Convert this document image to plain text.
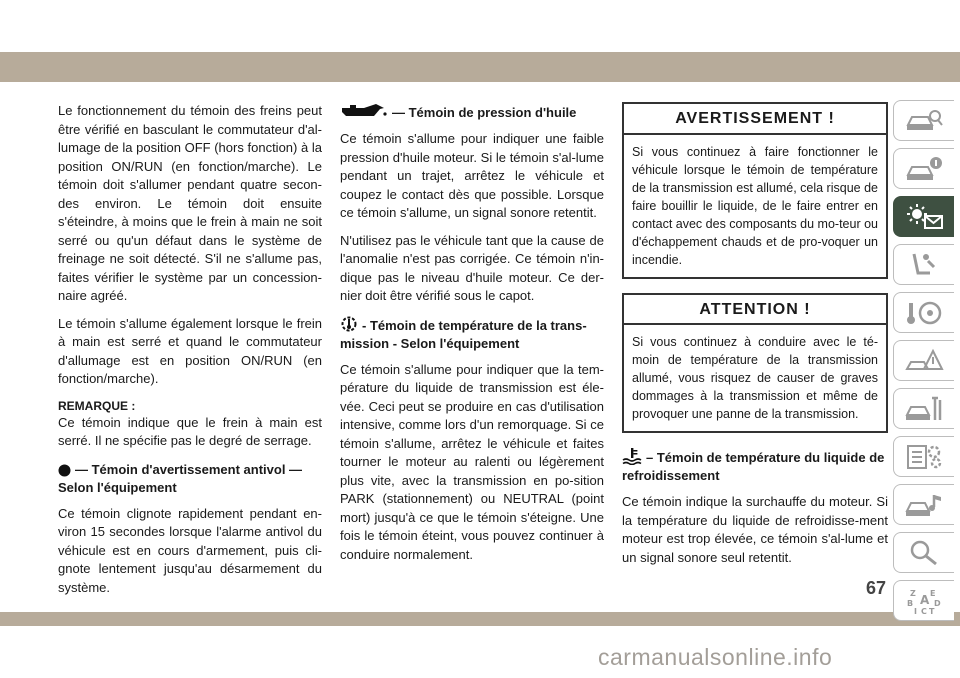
Le fonctionnement du témoin des freins peut être vérifié en basculant le commutateur d'al-lumage de la position OFF (hors fonction) à la position ON/RUN (en fonction/marche). Le témoin doit s'allumer pendant quatre secon-des environ. Le témoin doit ensuite s'éteindre, à moins que le frein à main ne soit serré ou qu'un défaut dans le système de freinage ne soit détecté. S'il ne s'allume pas, faites vérifier le système par un concession-naire agréé.

Le témoin s'allume également lorsque le frein à main est serré et quand le commutateur d'allumage est en position ON/RUN (en fonction/marche).

REMARQUE :

Ce témoin indique que le frein à main est serré. Il ne spécifie pas le degré de serrage.

— Témoin d'avertissement antivol — Selon l'équipement

Ce témoin clignote rapidement pendant en-viron 15 secondes lorsque l'alarme antivol du véhicule est en cours d'armement, puis cli-gnote lentement jusqu'au désarmement du système.

— Témoin de pression d'huile

Ce témoin s'allume pour indiquer une faible pression d'huile moteur. Si le témoin s'al-lume pendant un trajet, arrêtez le véhicule et coupez le contact dès que possible. Lorsque ce témoin s'allume, un signal sonore retentit.

N'utilisez pas le véhicule tant que la cause de l'anomalie n'est pas corrigée. Ce témoin n'in-dique pas le niveau d'huile moteur. Ce der-nier doit être vérifié sous le capot.

- Témoin de température de la trans-mission - Selon l'équipement

Ce témoin s'allume pour indiquer que la tem-pérature du liquide de transmission est éle-vée. Ceci peut se produire en cas d'utilisation intensive, comme lors d'un remorquage. Si ce témoin s'allume, arrêtez le véhicule et faites tourner le moteur au ralenti ou légèrement plus vite, avec la transmission en po-sition PARK (stationnement) ou NEUTRAL (point mort) jusqu'à ce que le témoin s'éteigne. Une fois le témoin éteint, vous pouvez continuer à conduire normalement.

AVERTISSEMENT !
Si vous continuez à faire fonctionner le véhicule lorsque le témoin de température de la transmission est allumé, cela risque de faire bouillir le liquide, de le faire entrer en contact avec des composants du mo-teur ou d'échappement chauds et de pro-voquer un incendie.
ATTENTION !
Si vous continuez à conduire avec le té-moin de température de la transmission allumé, vous risquez de causer de graves dommages à la transmission et même de provoquer une panne de la transmission.
– Témoin de température du liquide de refroidissement

Ce témoin indique la surchauffe du moteur. Si la température du liquide de refroidisse-ment moteur est trop élevée, ce témoin s'al-lume et un signal sonore seul retentit.

Z E
B A D
I C T
67
carmanualsonline.info
